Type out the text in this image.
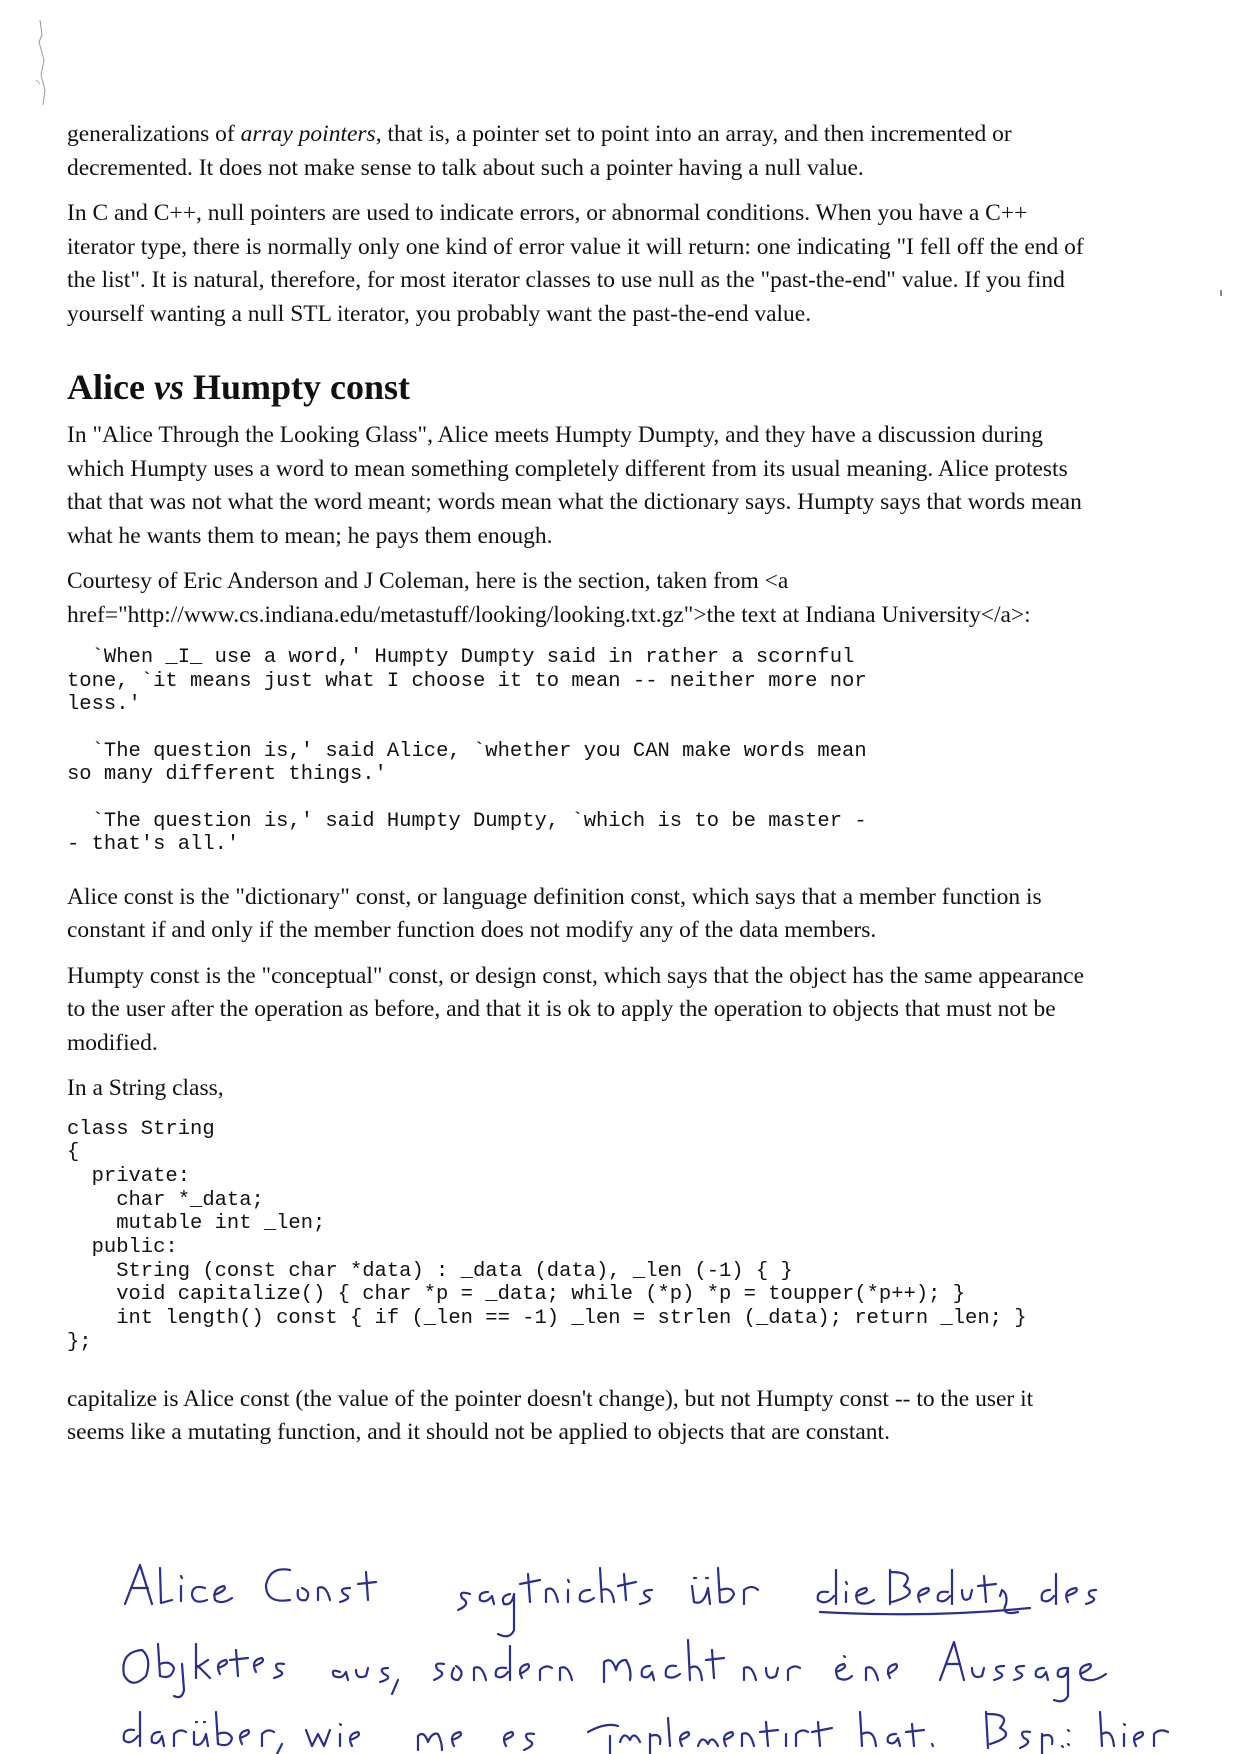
generalizations of array pointers, that is, a pointer set to point into an array, and then incremented or decremented. It does not make sense to talk about such a pointer having a null value.

In C and C++, null pointers are used to indicate errors, or abnormal conditions. When you have a C++ iterator type, there is normally only one kind of error value it will return: one indicating "I fell off the end of the list". It is natural, therefore, for most iterator classes to use null as the "past-the-end" value. If you find yourself wanting a null STL iterator, you probably want the past-the-end value.

Alice vs Humpty const

In "Alice Through the Looking Glass", Alice meets Humpty Dumpty, and they have a discussion during which Humpty uses a word to mean something completely different from its usual meaning. Alice protests that that was not what the word meant; words mean what the dictionary says. Humpty says that words mean what he wants them to mean; he pays them enough.

Courtesy of Eric Anderson and J Coleman, here is the section, taken from <a href="http://www.cs.indiana.edu/metastuff/looking/looking.txt.gz">the text at Indiana University</a>:

`When _I_ use a word,' Humpty Dumpty said in rather a scornful
tone, `it means just what I choose it to mean -- neither more nor
less.'
`The question is,' said Alice, `whether you CAN make words mean
so many different things.'
`The question is,' said Humpty Dumpty, `which is to be master -
- that's all.'

Alice const is the "dictionary" const, or language definition const, which says that a member function is constant if and only if the member function does not modify any of the data members.

Humpty const is the "conceptual" const, or design const, which says that the object has the same appearance to the user after the operation as before, and that it is ok to apply the operation to objects that must not be modified.

In a String class,

class String
{
private:
char *_data;
mutable int _len;
public:
String (const char *data) : _data (data), _len (-1) { }
void capitalize() { char *p = _data; while (*p) *p = toupper(*p++); }
int length() const { if (_len == -1) _len = strlen (_data); return _len; }
};

capitalize is Alice const (the value of the pointer doesn't change), but not Humpty const -- to the user it seems like a mutating function, and it should not be applied to objects that are constant.
